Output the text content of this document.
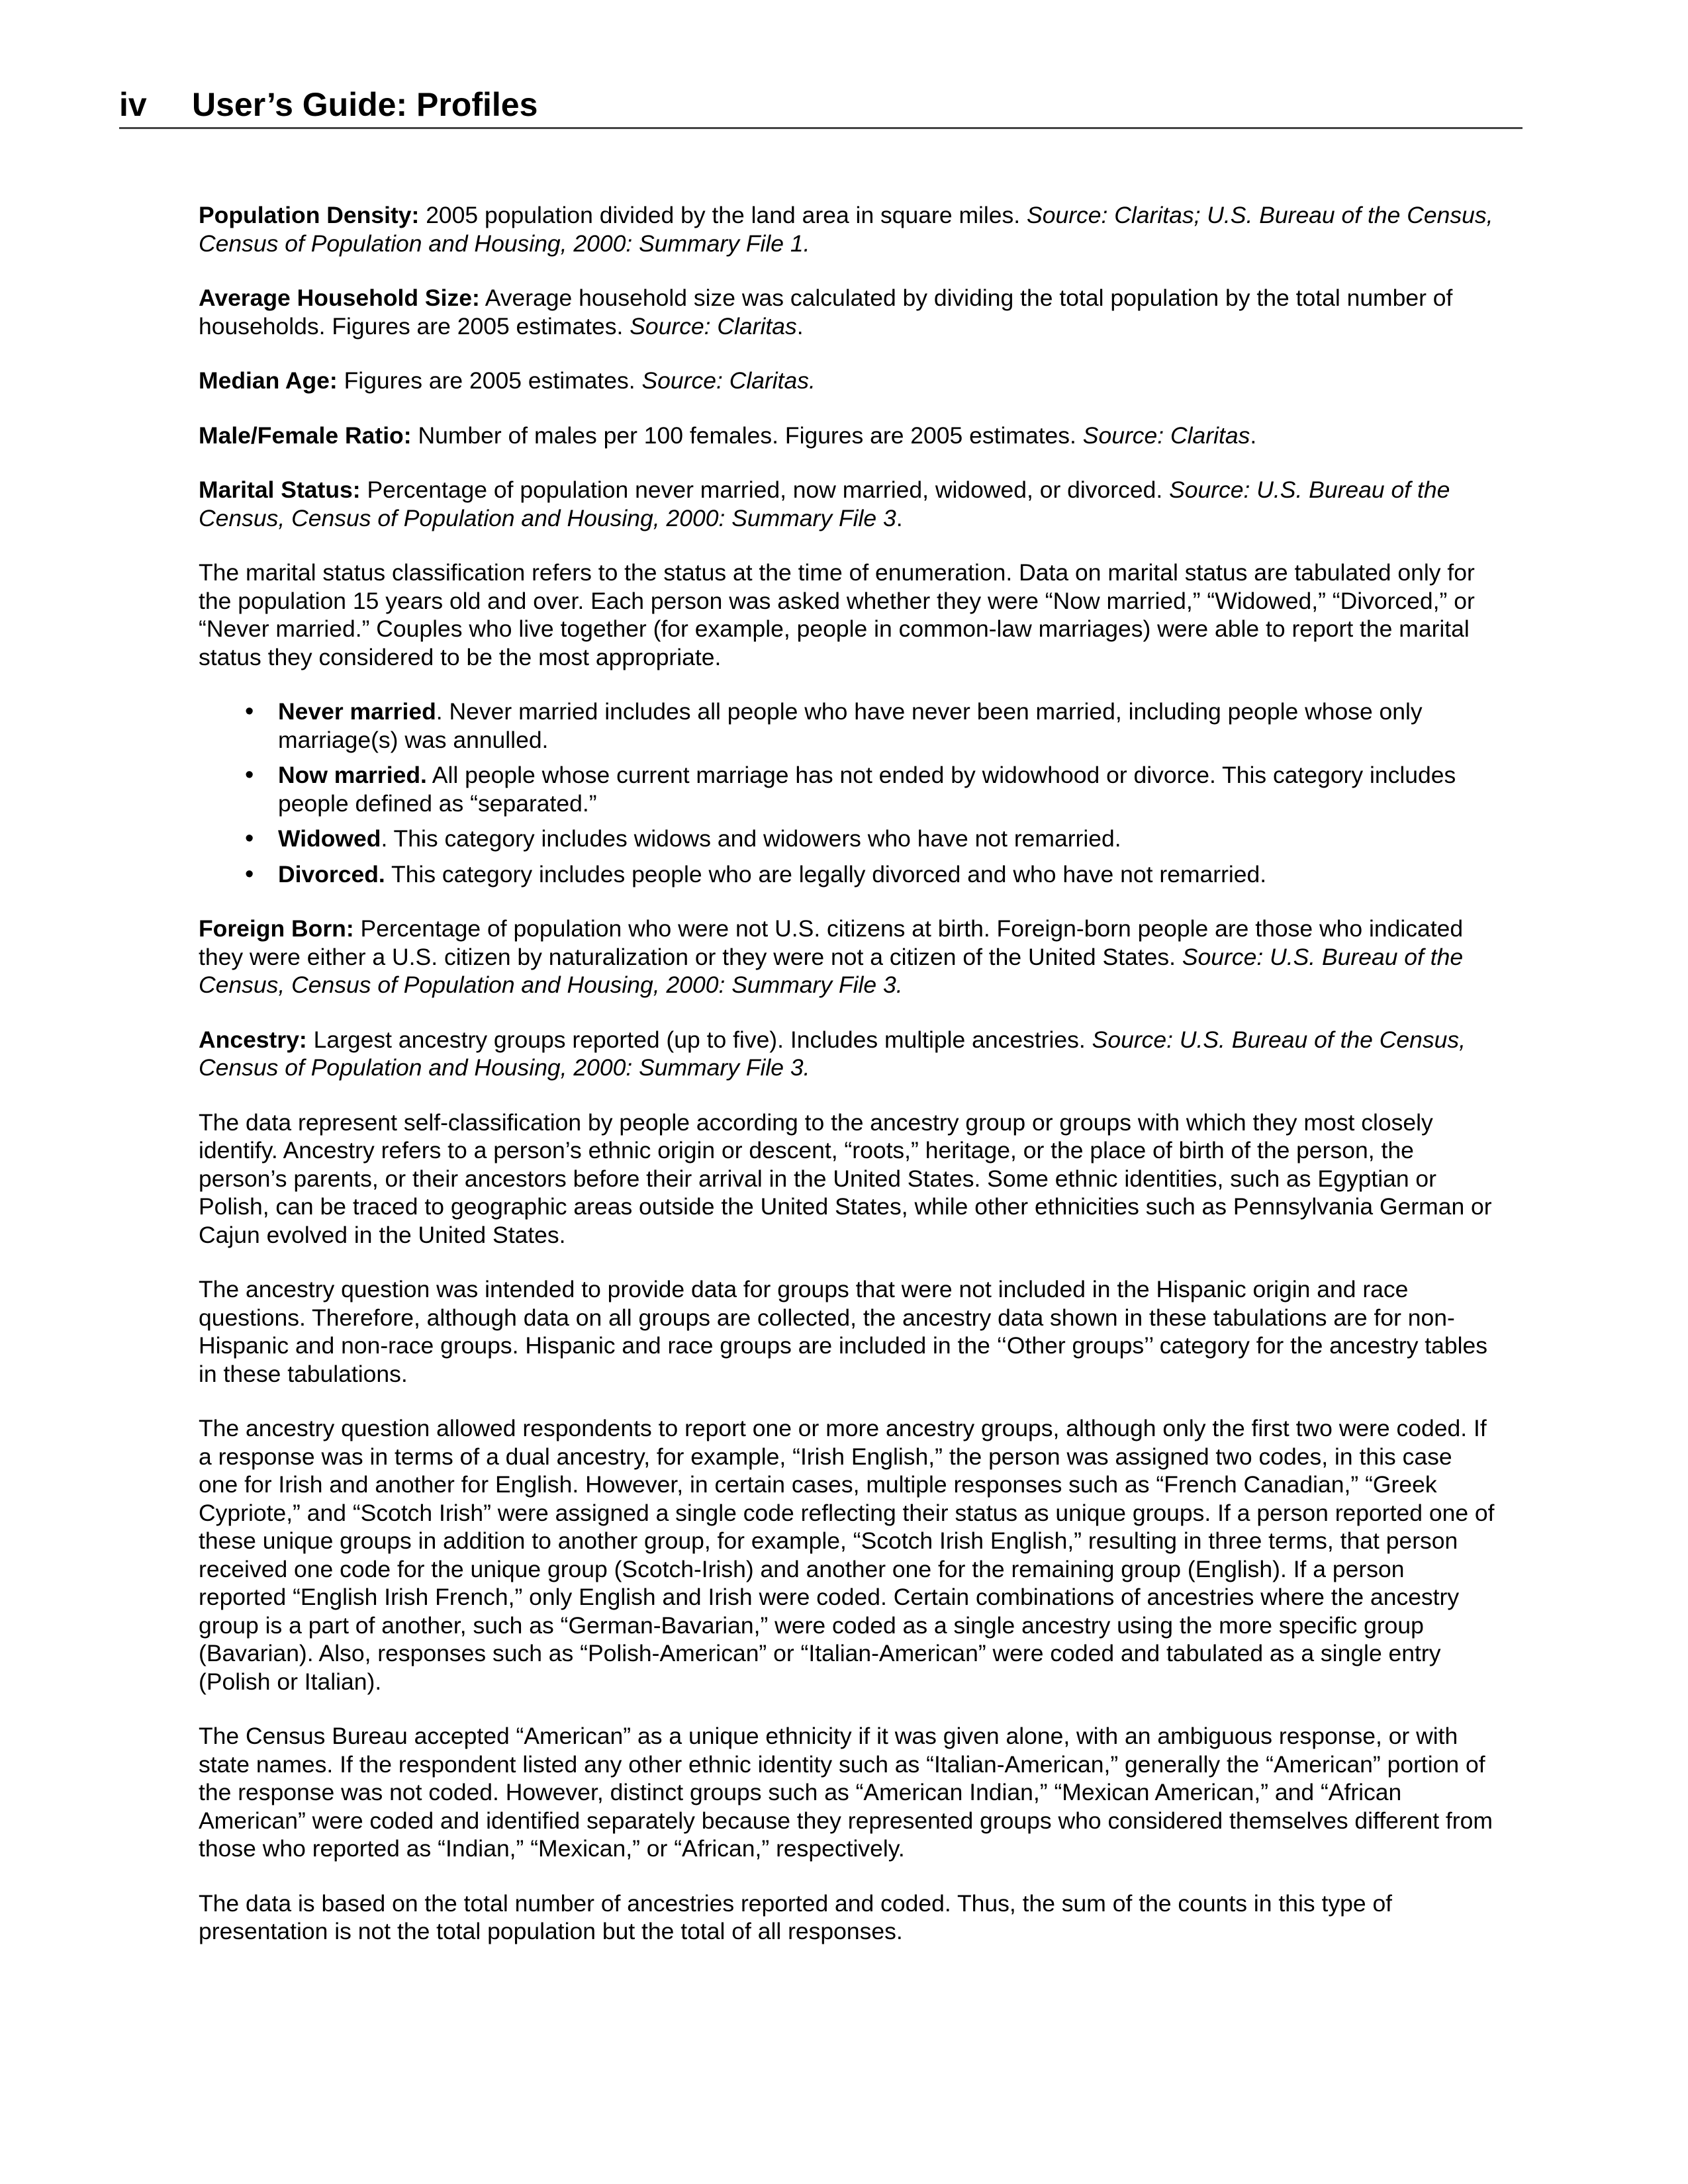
iv User’s Guide: Profiles

Population Density: 2005 population divided by the land area in square miles. Source: Claritas; U.S. Bureau of the Census, Census of Population and Housing, 2000: Summary File 1.

Average Household Size: Average household size was calculated by dividing the total population by the total number of households. Figures are 2005 estimates. Source: Claritas.

Median Age: Figures are 2005 estimates. Source: Claritas.

Male/Female Ratio: Number of males per 100 females. Figures are 2005 estimates. Source: Claritas.

Marital Status: Percentage of population never married, now married, widowed, or divorced. Source: U.S. Bureau of the Census, Census of Population and Housing, 2000: Summary File 3.

The marital status classification refers to the status at the time of enumeration. Data on marital status are tabulated only for the population 15 years old and over. Each person was asked whether they were “Now married,” “Widowed,” “Divorced,” or “Never married.” Couples who live together (for example, people in common-law marriages) were able to report the marital status they considered to be the most appropriate.

• Never married. Never married includes all people who have never been married, including people whose only marriage(s) was annulled.
• Now married. All people whose current marriage has not ended by widowhood or divorce. This category includes people defined as “separated.”
• Widowed. This category includes widows and widowers who have not remarried.
• Divorced. This category includes people who are legally divorced and who have not remarried.

Foreign Born: Percentage of population who were not U.S. citizens at birth. Foreign-born people are those who indicated they were either a U.S. citizen by naturalization or they were not a citizen of the United States. Source: U.S. Bureau of the Census, Census of Population and Housing, 2000: Summary File 3.

Ancestry: Largest ancestry groups reported (up to five). Includes multiple ancestries. Source: U.S. Bureau of the Census, Census of Population and Housing, 2000: Summary File 3.

The data represent self-classification by people according to the ancestry group or groups with which they most closely identify. Ancestry refers to a person’s ethnic origin or descent, “roots,” heritage, or the place of birth of the person, the person’s parents, or their ancestors before their arrival in the United States. Some ethnic identities, such as Egyptian or Polish, can be traced to geographic areas outside the United States, while other ethnicities such as Pennsylvania German or Cajun evolved in the United States.

The ancestry question was intended to provide data for groups that were not included in the Hispanic origin and race questions. Therefore, although data on all groups are collected, the ancestry data shown in these tabulations are for non-Hispanic and non-race groups. Hispanic and race groups are included in the ‘‘Other groups’’ category for the ancestry tables in these tabulations.

The ancestry question allowed respondents to report one or more ancestry groups, although only the first two were coded. If a response was in terms of a dual ancestry, for example, “Irish English,” the person was assigned two codes, in this case one for Irish and another for English. However, in certain cases, multiple responses such as “French Canadian,” “Greek Cypriote,” and “Scotch Irish” were assigned a single code reflecting their status as unique groups. If a person reported one of these unique groups in addition to another group, for example, “Scotch Irish English,” resulting in three terms, that person received one code for the unique group (Scotch-Irish) and another one for the remaining group (English). If a person reported “English Irish French,” only English and Irish were coded. Certain combinations of ancestries where the ancestry group is a part of another, such as “German-Bavarian,” were coded as a single ancestry using the more specific group (Bavarian). Also, responses such as “Polish-American” or “Italian-American” were coded and tabulated as a single entry (Polish or Italian).

The Census Bureau accepted “American” as a unique ethnicity if it was given alone, with an ambiguous response, or with state names. If the respondent listed any other ethnic identity such as “Italian-American,” generally the “American” portion of the response was not coded. However, distinct groups such as “American Indian,” “Mexican American,” and “African American” were coded and identified separately because they represented groups who considered themselves different from those who reported as “Indian,” “Mexican,” or “African,” respectively.

The data is based on the total number of ancestries reported and coded. Thus, the sum of the counts in this type of presentation is not the total population but the total of all responses.
